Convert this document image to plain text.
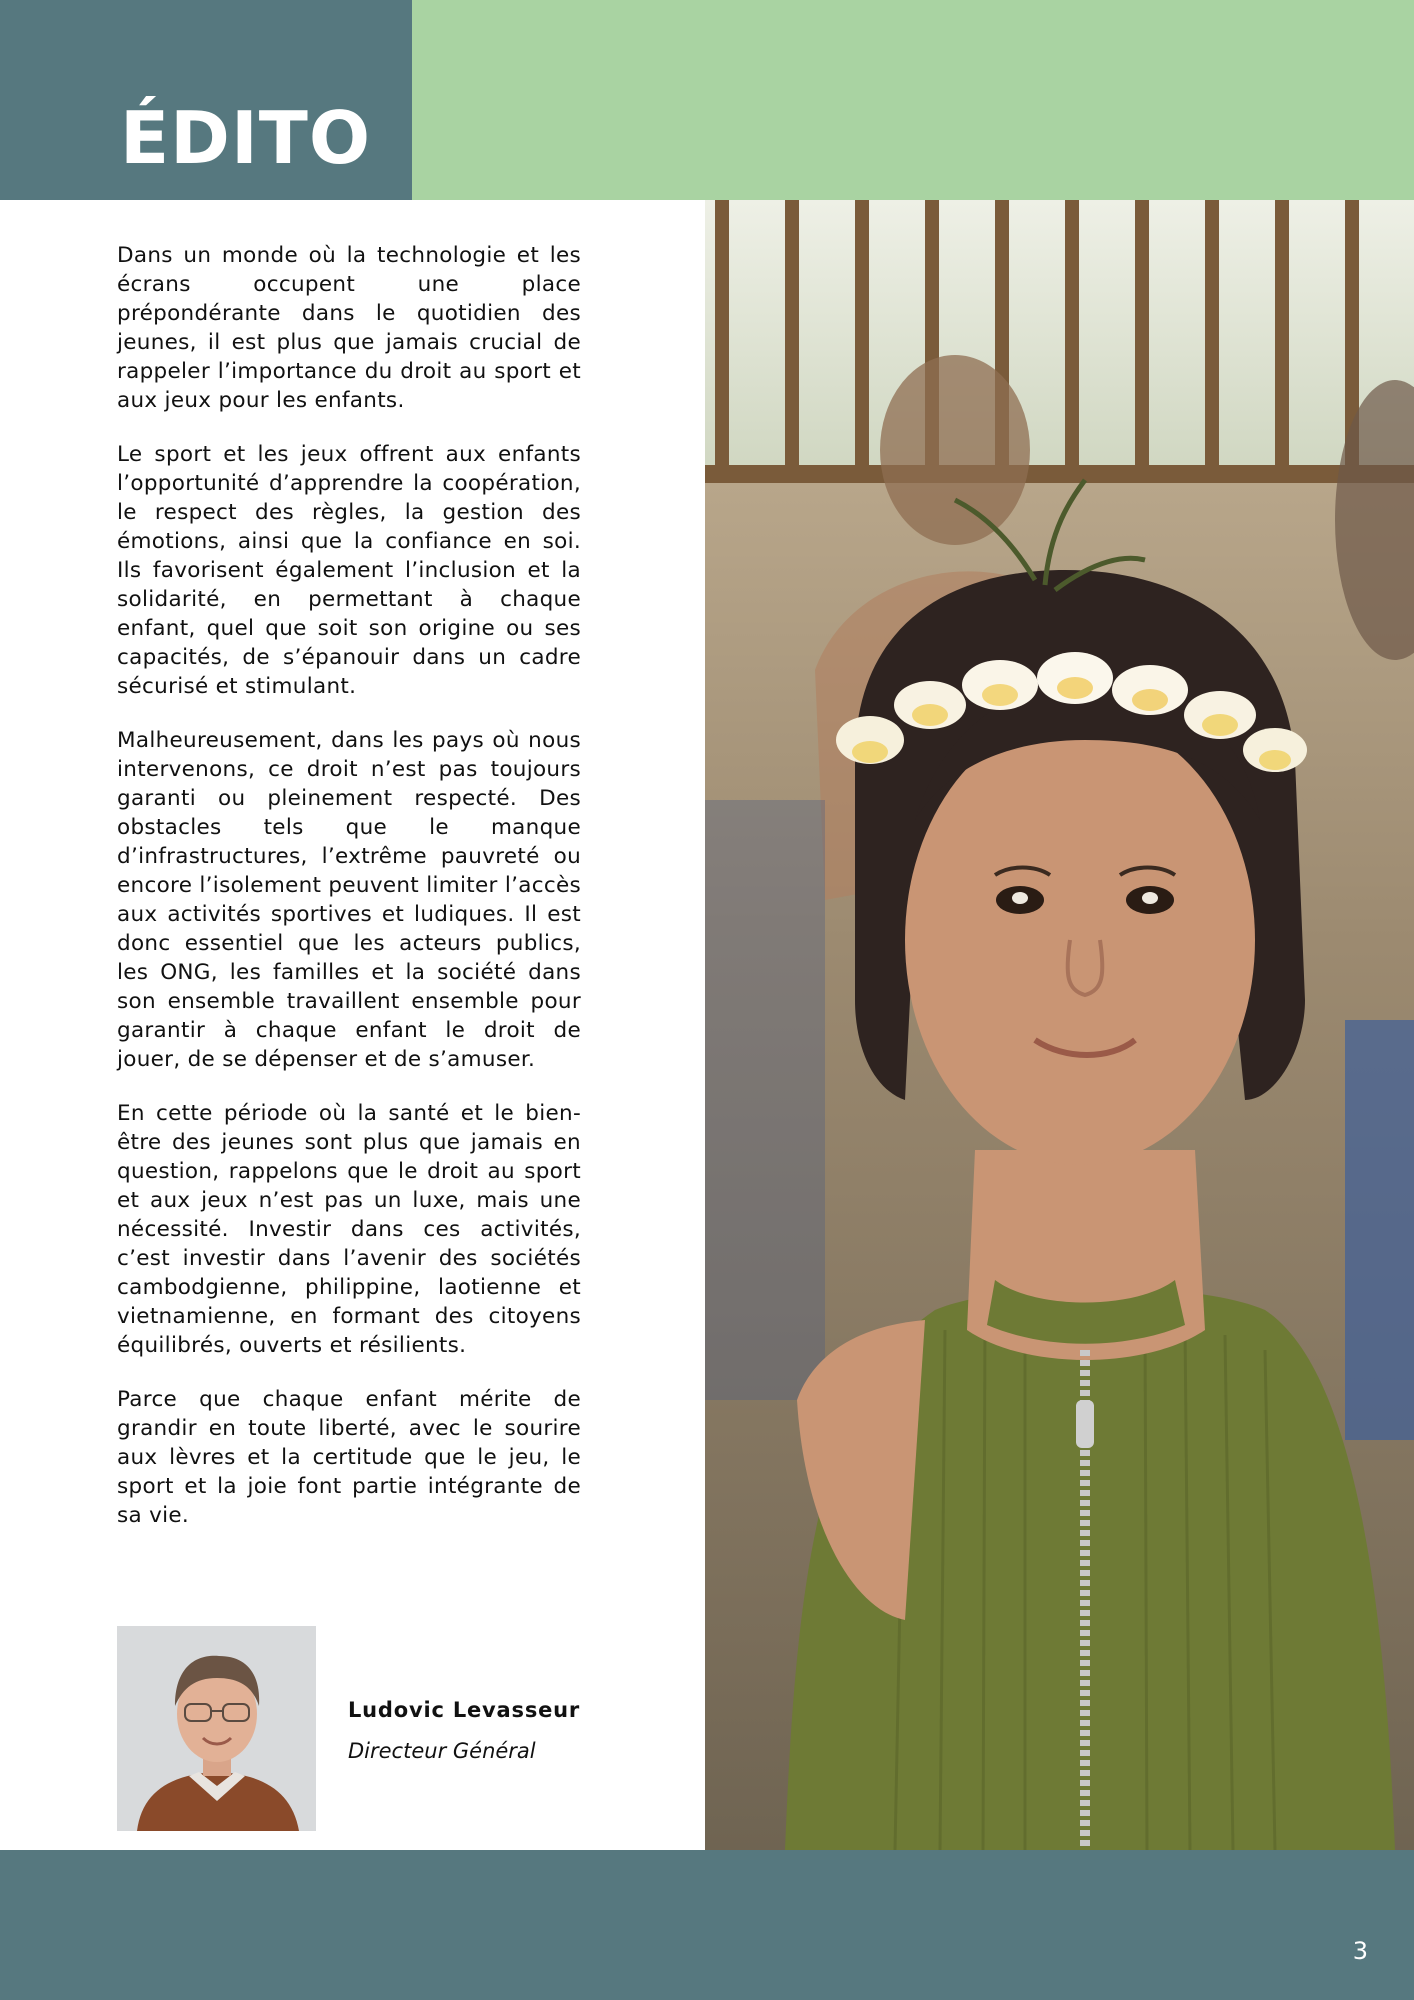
ÉDITO

Dans un monde où la technologie et les écrans occupent une place prépondérante dans le quotidien des jeunes, il est plus que jamais crucial de rappeler l’importance du droit au sport et aux jeux pour les enfants.

Le sport et les jeux offrent aux enfants l’opportunité d’apprendre la coopération, le respect des règles, la gestion des émotions, ainsi que la confiance en soi. Ils favorisent également l’inclusion et la solidarité, en permettant à chaque enfant, quel que soit son origine ou ses capacités, de s’épanouir dans un cadre sécurisé et stimulant.

Malheureusement, dans les pays où nous intervenons, ce droit n’est pas toujours garanti ou pleinement respecté. Des obstacles tels que le manque d’infrastructures, l’extrême pauvreté ou encore l’isolement peuvent limiter l’accès aux activités sportives et ludiques. Il est donc essentiel que les acteurs publics, les ONG, les familles et la société dans son ensemble travaillent ensemble pour garantir à chaque enfant le droit de jouer, de se dépenser et de s’amuser.

En cette période où la santé et le bien-être des jeunes sont plus que jamais en question, rappelons que le droit au sport et aux jeux n’est pas un luxe, mais une nécessité. Investir dans ces activités, c’est investir dans l’avenir des sociétés cambodgienne, philippine, laotienne et vietnamienne, en formant des citoyens équilibrés, ouverts et résilients.

Parce que chaque enfant mérite de grandir en toute liberté, avec le sourire aux lèvres et la certitude que le jeu, le sport et la joie font partie intégrante de sa vie.

Ludovic Levasseur
Directeur Général
3
